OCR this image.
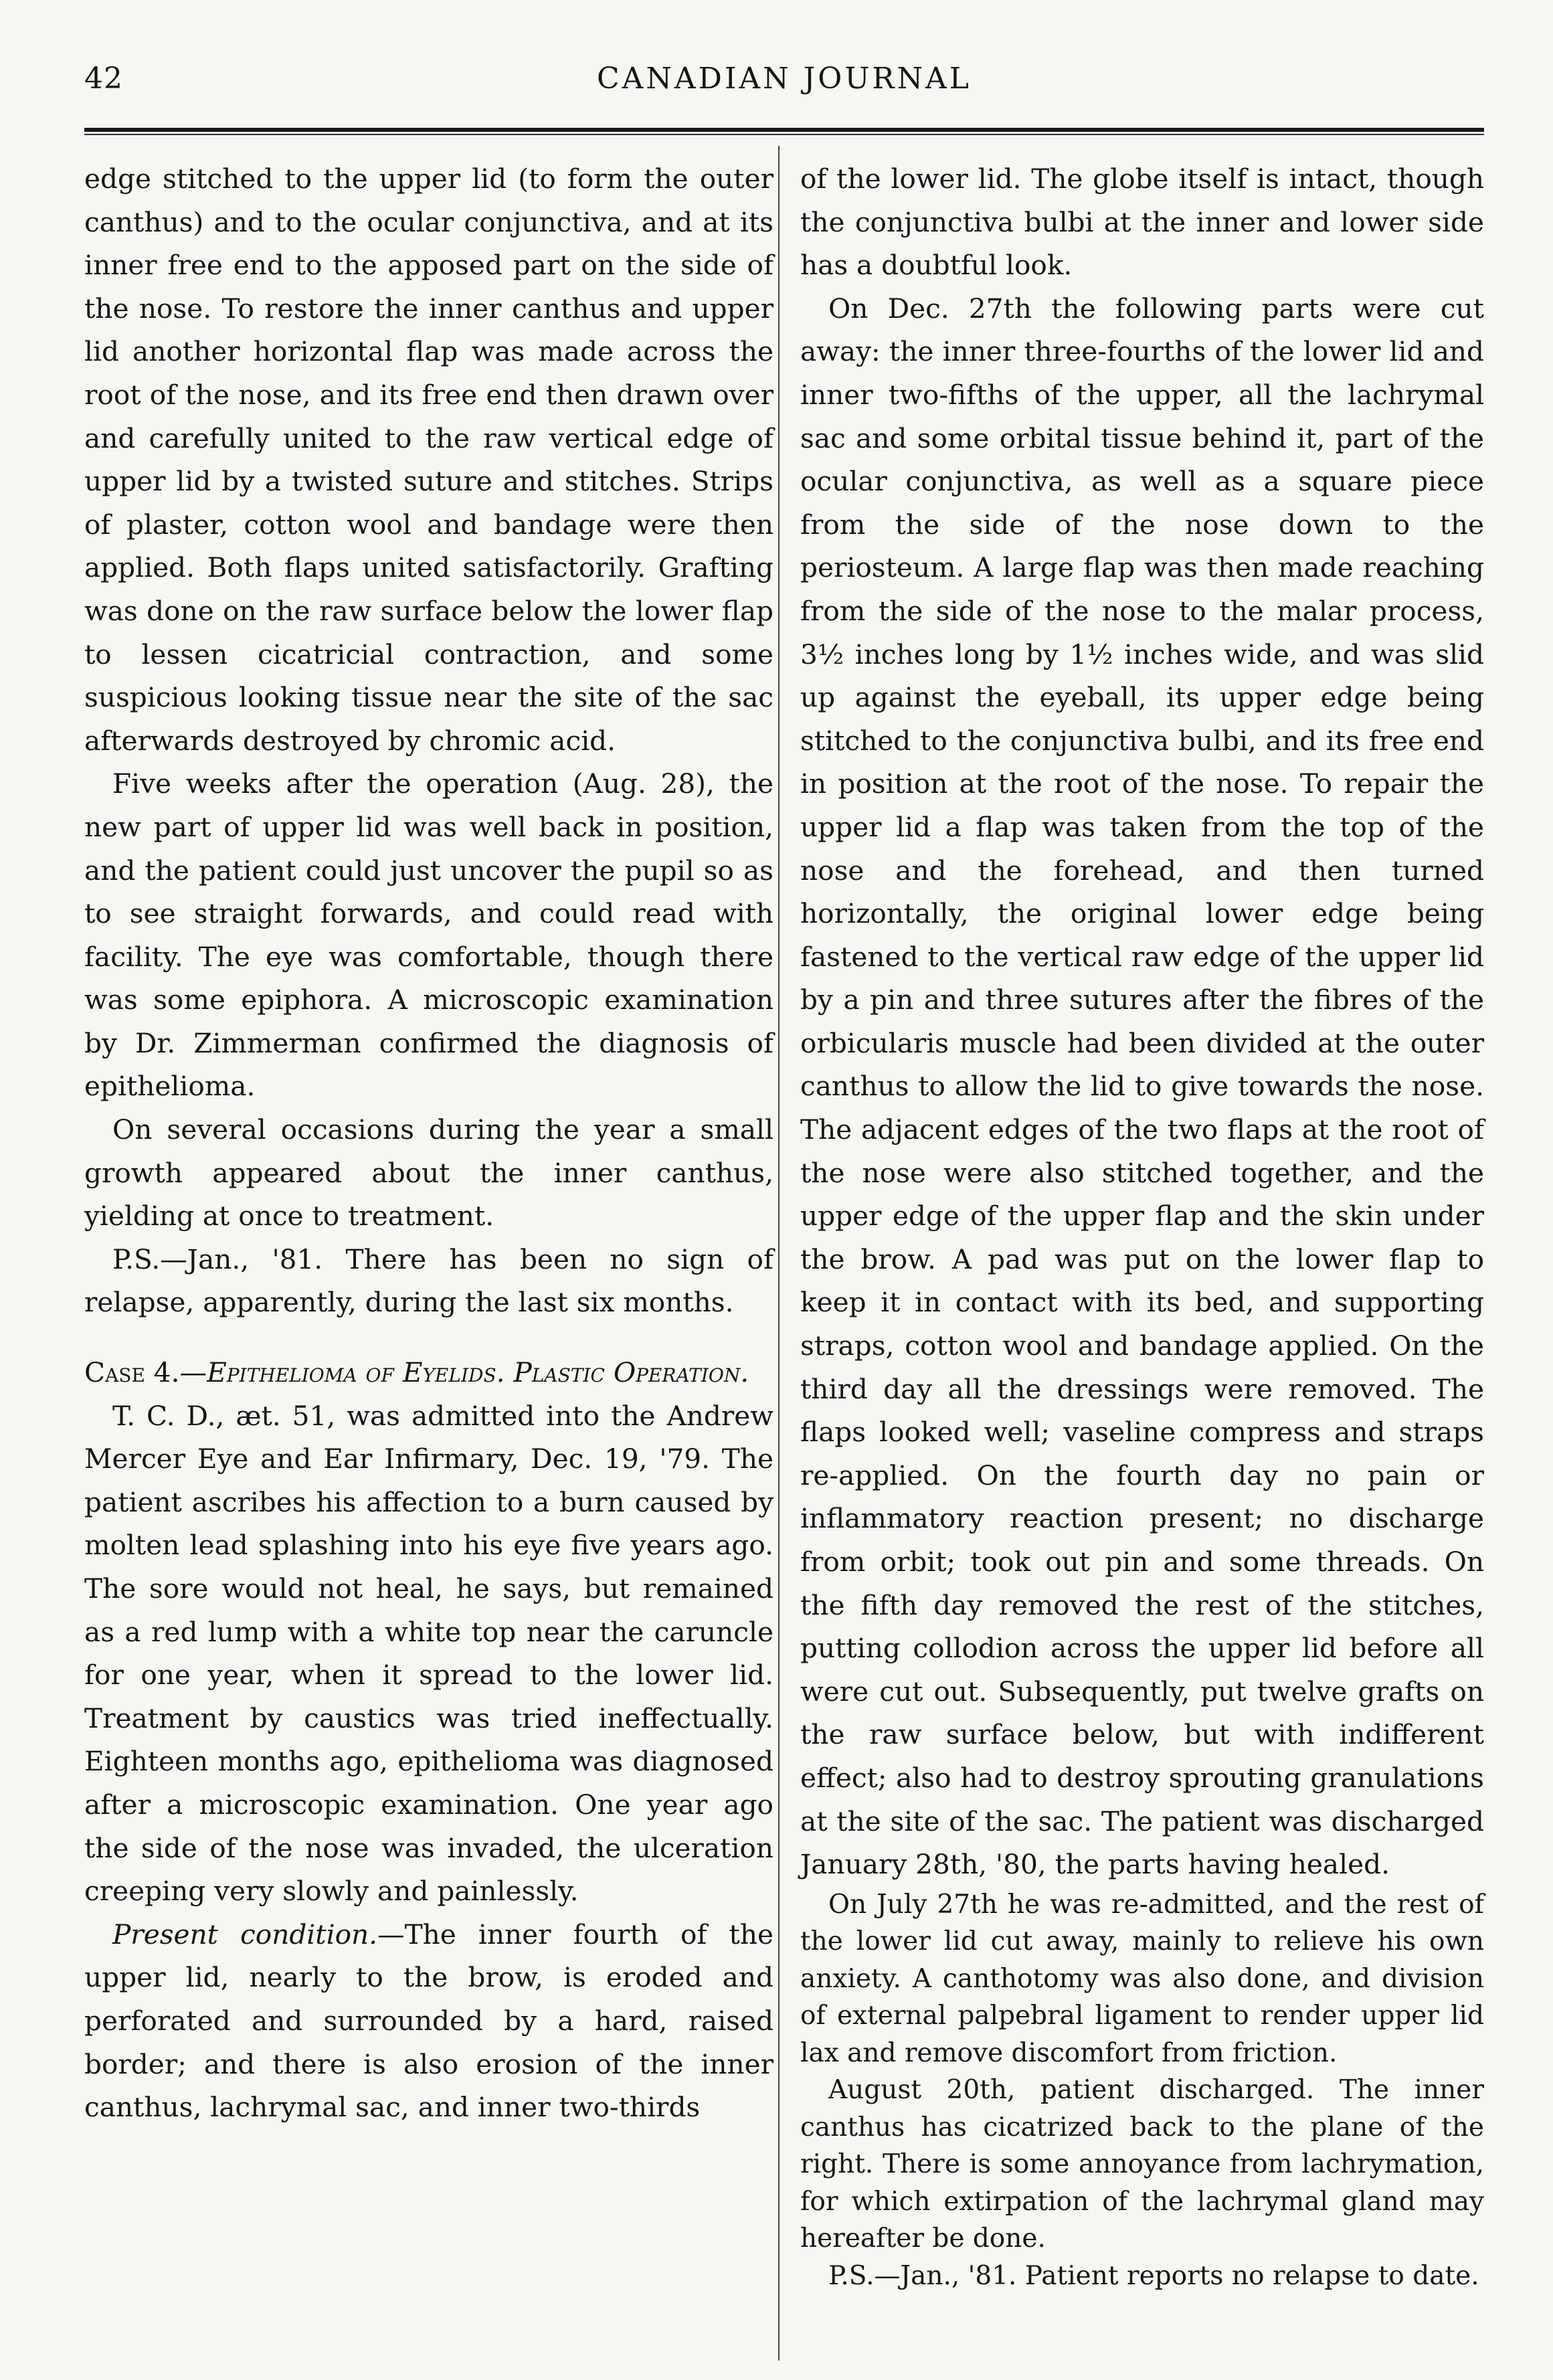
42	CANADIAN JOURNAL

edge stitched to the upper lid (to form the outer canthus) and to the ocular conjunctiva, and at its inner free end to the apposed part on the side of the nose. To restore the inner canthus and upper lid another horizontal flap was made across the root of the nose, and its free end then drawn over and carefully united to the raw vertical edge of upper lid by a twisted suture and stitches. Strips of plaster, cotton wool and bandage were then applied. Both flaps united satisfactorily. Grafting was done on the raw surface below the lower flap to lessen cicatricial contraction, and some suspicious looking tissue near the site of the sac afterwards destroyed by chromic acid.

Five weeks after the operation (Aug. 28), the new part of upper lid was well back in position, and the patient could just uncover the pupil so as to see straight forwards, and could read with facility. The eye was comfortable, though there was some epiphora. A microscopic examination by Dr. Zimmerman confirmed the diagnosis of epithelioma.

On several occasions during the year a small growth appeared about the inner canthus, yielding at once to treatment.

P.S.—Jan., '81. There has been no sign of relapse, apparently, during the last six months.

Case 4.—Epithelioma of Eyelids. Plastic Operation.

T. C. D., æt. 51, was admitted into the Andrew Mercer Eye and Ear Infirmary, Dec. 19, '79. The patient ascribes his affection to a burn caused by molten lead splashing into his eye five years ago. The sore would not heal, he says, but remained as a red lump with a white top near the caruncle for one year, when it spread to the lower lid. Treatment by caustics was tried ineffectually. Eighteen months ago, epithelioma was diagnosed after a microscopic examination. One year ago the side of the nose was invaded, the ulceration creeping very slowly and painlessly.

Present condition.—The inner fourth of the upper lid, nearly to the brow, is eroded and perforated and surrounded by a hard, raised border; and there is also erosion of the inner canthus, lachrymal sac, and inner two-thirds

of the lower lid. The globe itself is intact, though the conjunctiva bulbi at the inner and lower side has a doubtful look.

On Dec. 27th the following parts were cut away: the inner three-fourths of the lower lid and inner two-fifths of the upper, all the lachrymal sac and some orbital tissue behind it, part of the ocular conjunctiva, as well as a square piece from the side of the nose down to the periosteum. A large flap was then made reaching from the side of the nose to the malar process, 3½ inches long by 1½ inches wide, and was slid up against the eyeball, its upper edge being stitched to the conjunctiva bulbi, and its free end in position at the root of the nose. To repair the upper lid a flap was taken from the top of the nose and the forehead, and then turned horizontally, the original lower edge being fastened to the vertical raw edge of the upper lid by a pin and three sutures after the fibres of the orbicularis muscle had been divided at the outer canthus to allow the lid to give towards the nose. The adjacent edges of the two flaps at the root of the nose were also stitched together, and the upper edge of the upper flap and the skin under the brow. A pad was put on the lower flap to keep it in contact with its bed, and supporting straps, cotton wool and bandage applied. On the third day all the dressings were removed. The flaps looked well; vaseline compress and straps re-applied. On the fourth day no pain or inflammatory reaction present; no discharge from orbit; took out pin and some threads. On the fifth day removed the rest of the stitches, putting collodion across the upper lid before all were cut out. Subsequently, put twelve grafts on the raw surface below, but with indifferent effect; also had to destroy sprouting granulations at the site of the sac. The patient was discharged January 28th, '80, the parts having healed.

On July 27th he was re-admitted, and the rest of the lower lid cut away, mainly to relieve his own anxiety. A canthotomy was also done, and division of external palpebral ligament to render upper lid lax and remove discomfort from friction.

August 20th, patient discharged. The inner canthus has cicatrized back to the plane of the right. There is some annoyance from lachrymation, for which extirpation of the lachrymal gland may hereafter be done.

P.S.—Jan., '81. Patient reports no relapse to date.
